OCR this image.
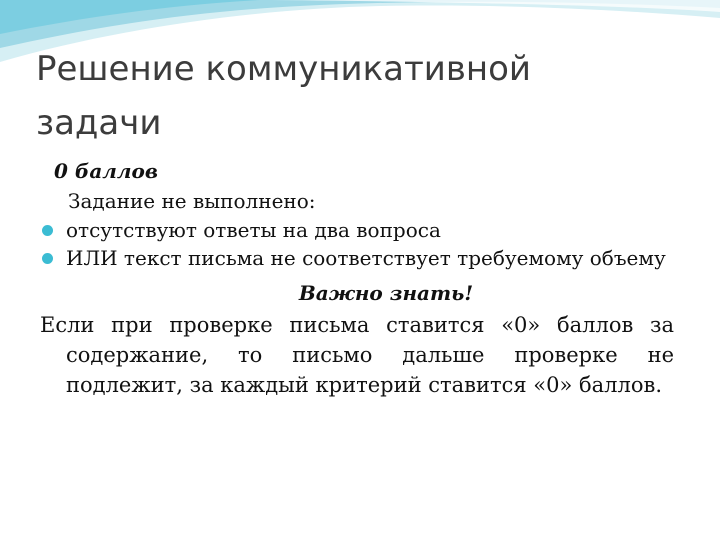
Решение коммуникативной
задачи

0 баллов

Задание не выполнено:

отсутствуют ответы на два вопроса
ИЛИ текст письма не соответствует требуемому объему

Важно знать!

Если при проверке письма ставится «0» баллов за содержание, то письмо дальше проверке не подлежит, за каждый критерий ставится «0» баллов.
